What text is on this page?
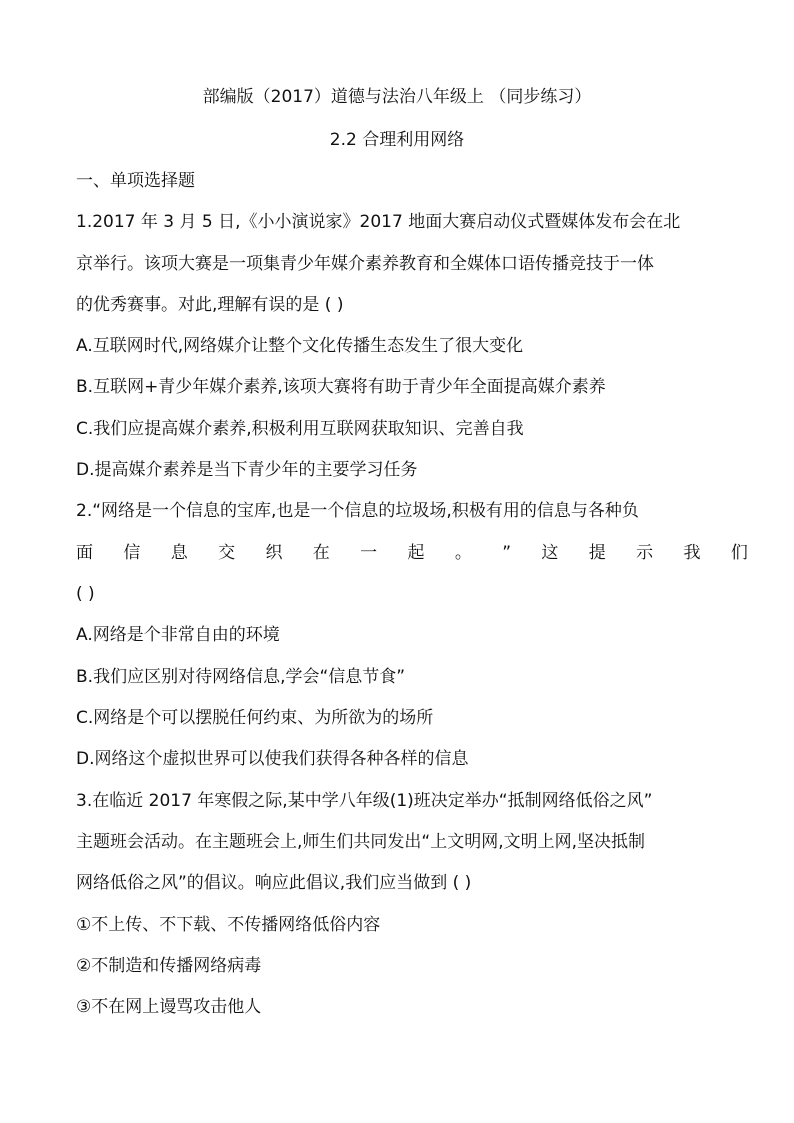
部编版（2017）道德与法治八年级上 （同步练习）
2.2 合理利用网络
一、单项选择题
1.2017 年 3 月 5 日,《小小演说家》2017 地面大赛启动仪式暨媒体发布会在北
京举行。该项大赛是一项集青少年媒介素养教育和全媒体口语传播竞技于一体
的优秀赛事。对此,理解有误的是 ( )
A.互联网时代,网络媒介让整个文化传播生态发生了很大变化
B.互联网+青少年媒介素养,该项大赛将有助于青少年全面提高媒介素养
C.我们应提高媒介素养,积极利用互联网获取知识、完善自我
D.提高媒介素养是当下青少年的主要学习任务
2.“网络是一个信息的宝库,也是一个信息的垃圾场,积极有用的信息与各种负
面 信 息 交 织 在 一 起 。 ” 这 提 示 我 们
( )
A.网络是个非常自由的环境
B.我们应区别对待网络信息,学会“信息节食”
C.网络是个可以摆脱任何约束、为所欲为的场所
D.网络这个虚拟世界可以使我们获得各种各样的信息
3.在临近 2017 年寒假之际,某中学八年级(1)班决定举办“抵制网络低俗之风”
主题班会活动。在主题班会上,师生们共同发出“上文明网,文明上网,坚决抵制
网络低俗之风”的倡议。响应此倡议,我们应当做到 ( )
①不上传、不下载、不传播网络低俗内容
②不制造和传播网络病毒
③不在网上谩骂攻击他人
